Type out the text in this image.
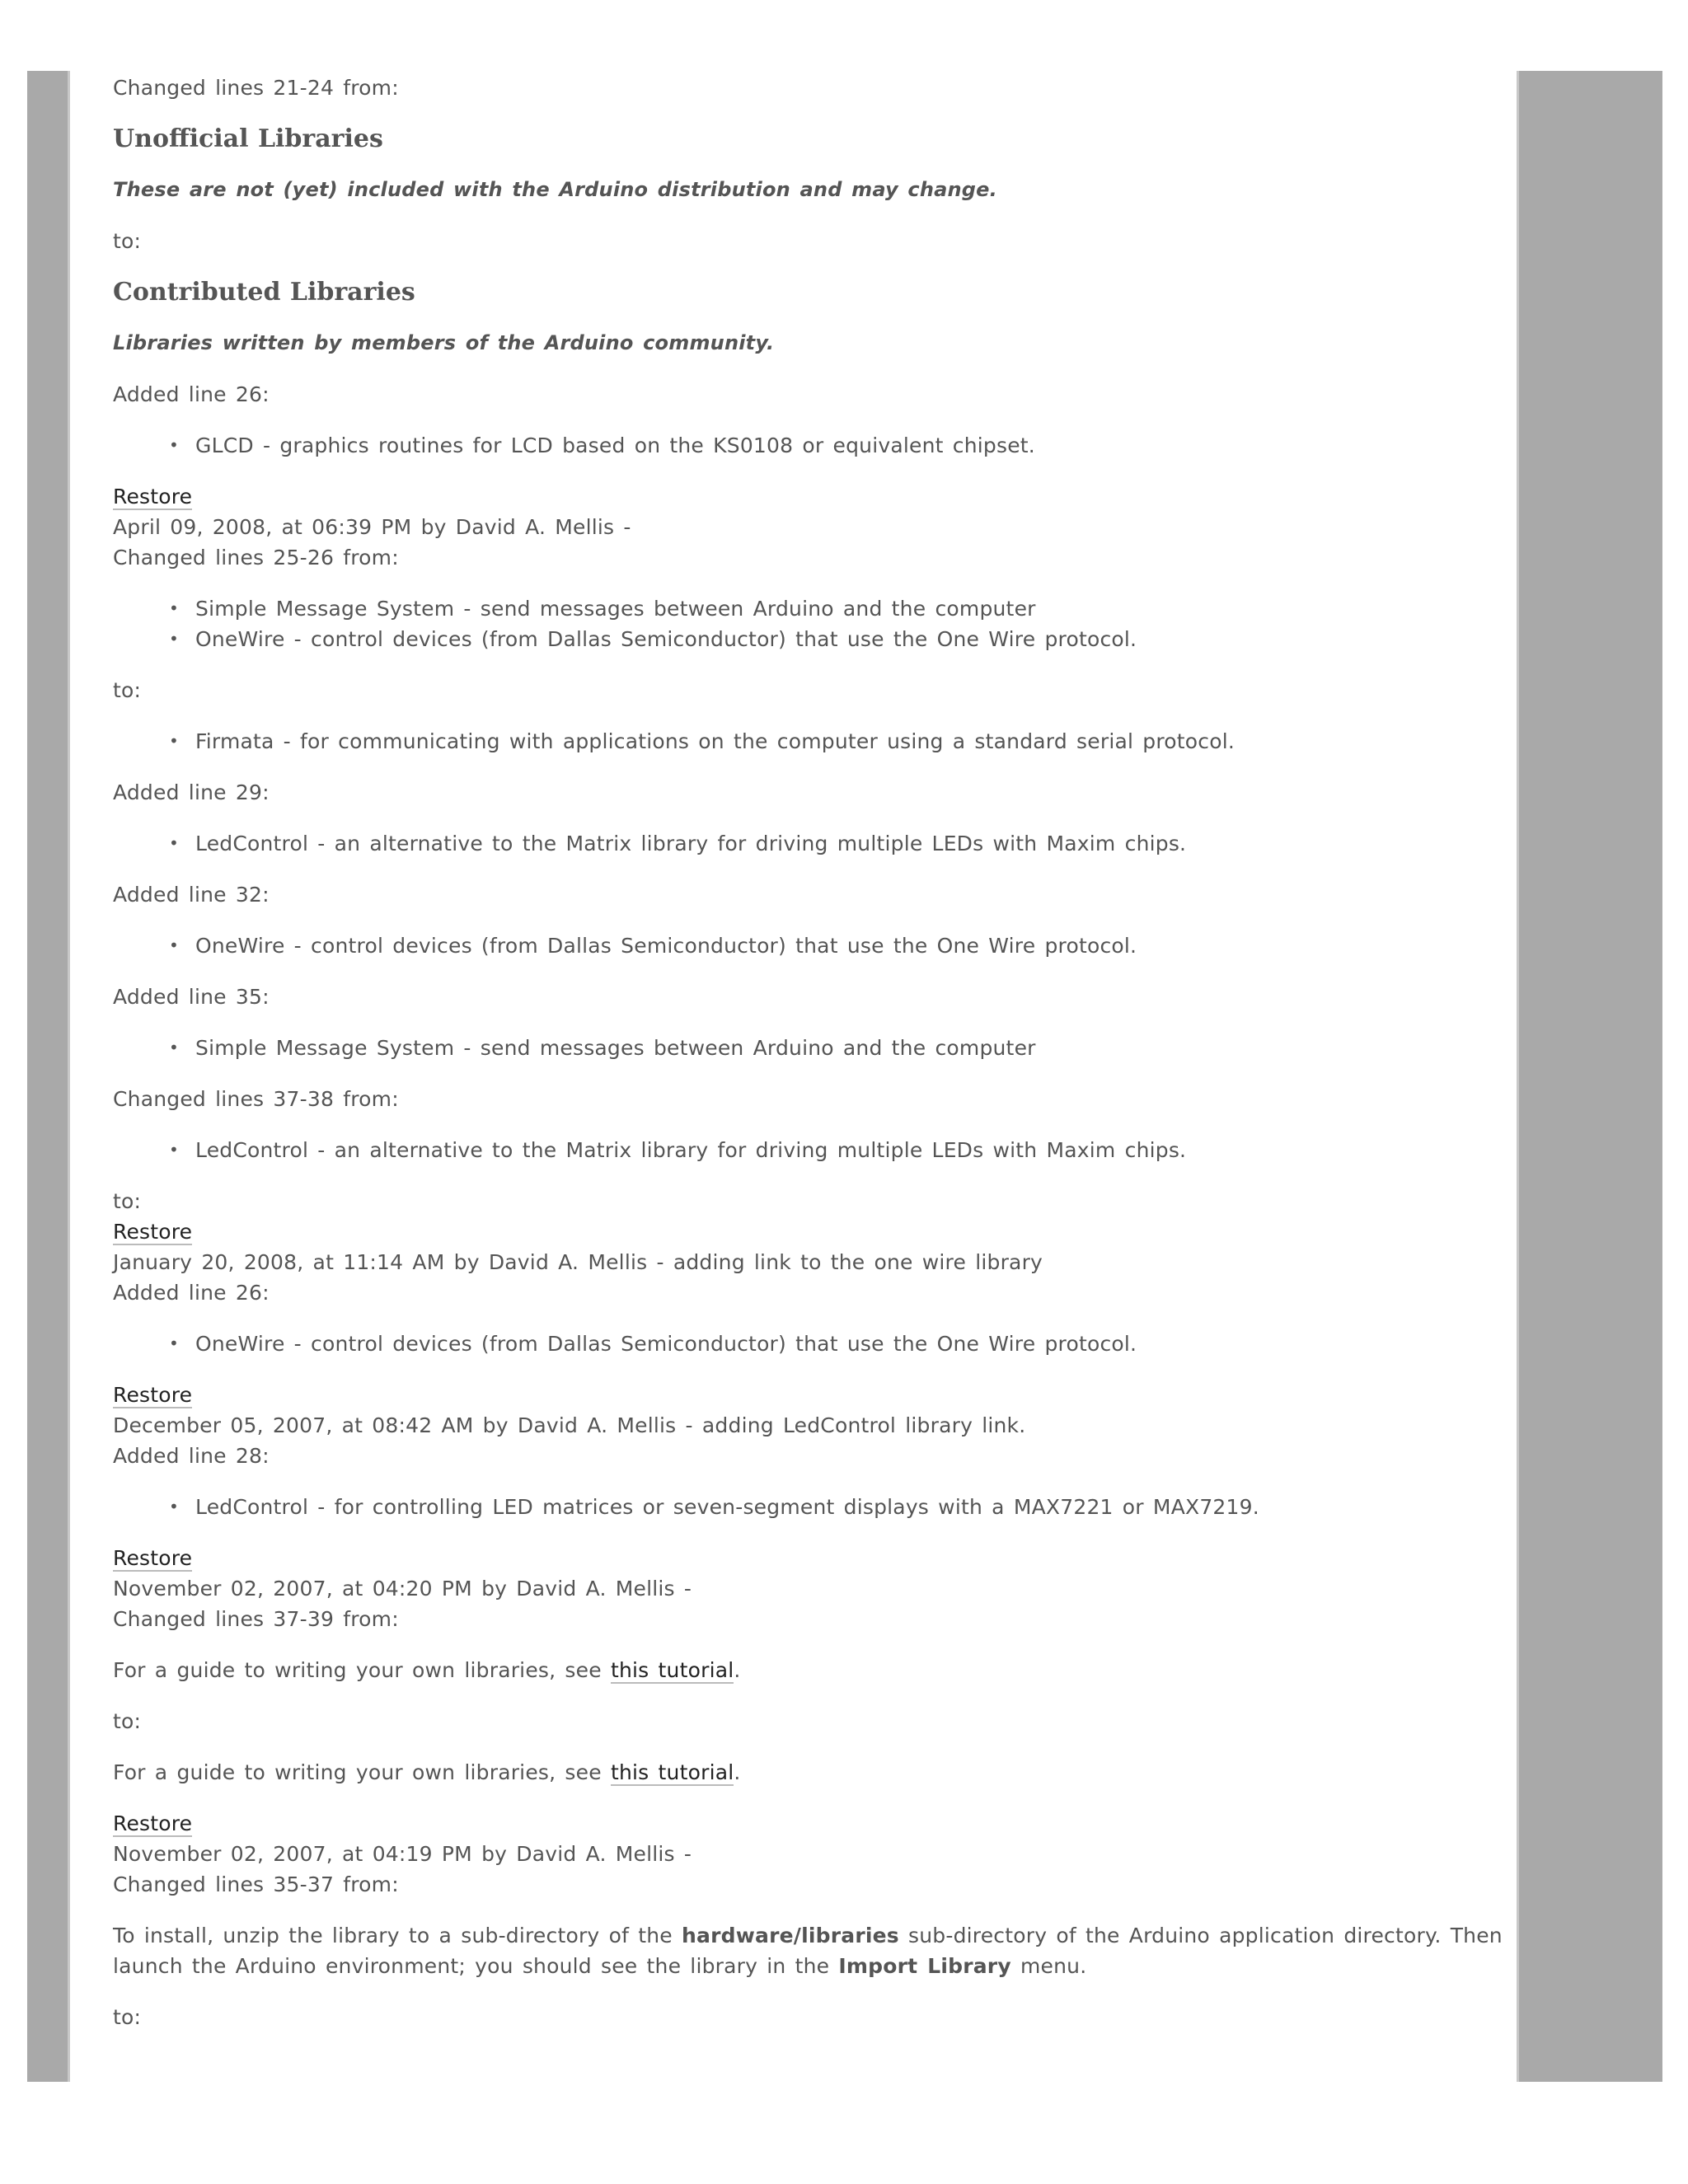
Changed lines 21-24 from:
Unofficial Libraries
These are not (yet) included with the Arduino distribution and may change.
to:
Contributed Libraries
Libraries written by members of the Arduino community.
Added line 26:
• GLCD - graphics routines for LCD based on the KS0108 or equivalent chipset.
Restore
April 09, 2008, at 06:39 PM by David A. Mellis -
Changed lines 25-26 from:
• Simple Message System - send messages between Arduino and the computer
• OneWire - control devices (from Dallas Semiconductor) that use the One Wire protocol.
to:
• Firmata - for communicating with applications on the computer using a standard serial protocol.
Added line 29:
• LedControl - an alternative to the Matrix library for driving multiple LEDs with Maxim chips.
Added line 32:
• OneWire - control devices (from Dallas Semiconductor) that use the One Wire protocol.
Added line 35:
• Simple Message System - send messages between Arduino and the computer
Changed lines 37-38 from:
• LedControl - an alternative to the Matrix library for driving multiple LEDs with Maxim chips.
to:
Restore
January 20, 2008, at 11:14 AM by David A. Mellis - adding link to the one wire library
Added line 26:
• OneWire - control devices (from Dallas Semiconductor) that use the One Wire protocol.
Restore
December 05, 2007, at 08:42 AM by David A. Mellis - adding LedControl library link.
Added line 28:
• LedControl - for controlling LED matrices or seven-segment displays with a MAX7221 or MAX7219.
Restore
November 02, 2007, at 04:20 PM by David A. Mellis -
Changed lines 37-39 from:
For a guide to writing your own libraries, see this tutorial.
to:
For a guide to writing your own libraries, see this tutorial.
Restore
November 02, 2007, at 04:19 PM by David A. Mellis -
Changed lines 35-37 from:
To install, unzip the library to a sub-directory of the hardware/libraries sub-directory of the Arduino application directory. Then launch the Arduino environment; you should see the library in the Import Library menu.
to:
